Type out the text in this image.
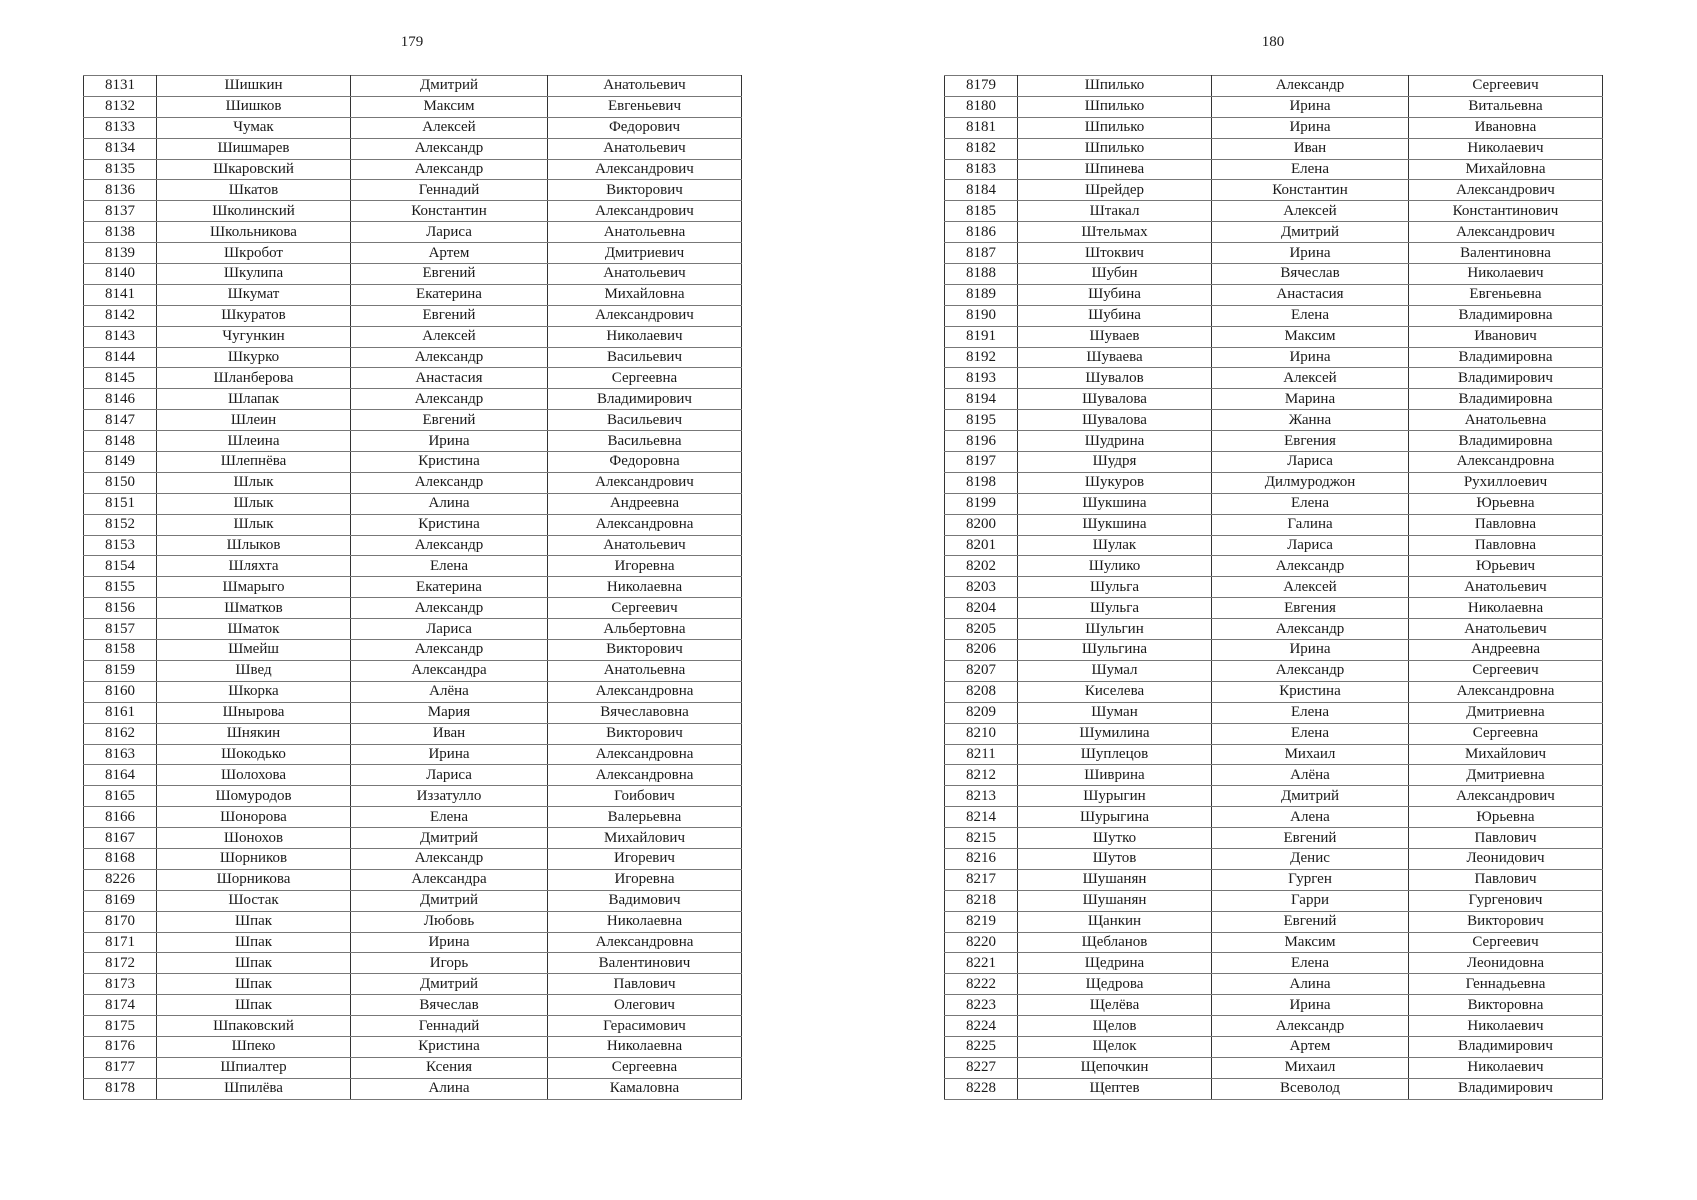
179
8131	Шишкин	Дмитрий	Анатольевич
8132	Шишков	Максим	Евгеньевич
8133	Чумак	Алексей	Федорович
8134	Шишмарев	Александр	Анатольевич
8135	Шкаровский	Александр	Александрович
8136	Шкатов	Геннадий	Викторович
8137	Школинский	Константин	Александрович
8138	Школьникова	Лариса	Анатольевна
8139	Шкробот	Артем	Дмитриевич
8140	Шкулипа	Евгений	Анатольевич
8141	Шкумат	Екатерина	Михайловна
8142	Шкуратов	Евгений	Александрович
8143	Чугункин	Алексей	Николаевич
8144	Шкурко	Александр	Васильевич
8145	Шланберова	Анастасия	Сергеевна
8146	Шлапак	Александр	Владимирович
8147	Шлеин	Евгений	Васильевич
8148	Шлеина	Ирина	Васильевна
8149	Шлепнёва	Кристина	Федоровна
8150	Шлык	Александр	Александрович
8151	Шлык	Алина	Андреевна
8152	Шлык	Кристина	Александровна
8153	Шлыков	Александр	Анатольевич
8154	Шляхта	Елена	Игоревна
8155	Шмарыго	Екатерина	Николаевна
8156	Шматков	Александр	Сергеевич
8157	Шматок	Лариса	Альбертовна
8158	Шмейш	Александр	Викторович
8159	Швед	Александра	Анатольевна
8160	Шкорка	Алёна	Александровна
8161	Шнырова	Мария	Вячеславовна
8162	Шнякин	Иван	Викторович
8163	Шокодько	Ирина	Александровна
8164	Шолохова	Лариса	Александровна
8165	Шомуродов	Иззатулло	Гоибович
8166	Шонорова	Елена	Валерьевна
8167	Шонохов	Дмитрий	Михайлович
8168	Шорников	Александр	Игоревич
8226	Шорникова	Александра	Игоревна
8169	Шостак	Дмитрий	Вадимович
8170	Шпак	Любовь	Николаевна
8171	Шпак	Ирина	Александровна
8172	Шпак	Игорь	Валентинович
8173	Шпак	Дмитрий	Павлович
8174	Шпак	Вячеслав	Олегович
8175	Шпаковский	Геннадий	Герасимович
8176	Шпеко	Кристина	Николаевна
8177	Шпиалтер	Ксения	Сергеевна
8178	Шпилёва	Алина	Камаловна
180
8179	Шпилько	Александр	Сергеевич
8180	Шпилько	Ирина	Витальевна
8181	Шпилько	Ирина	Ивановна
8182	Шпилько	Иван	Николаевич
8183	Шпинева	Елена	Михайловна
8184	Шрейдер	Константин	Александрович
8185	Штакал	Алексей	Константинович
8186	Штельмах	Дмитрий	Александрович
8187	Штоквич	Ирина	Валентиновна
8188	Шубин	Вячеслав	Николаевич
8189	Шубина	Анастасия	Евгеньевна
8190	Шубина	Елена	Владимировна
8191	Шуваев	Максим	Иванович
8192	Шуваева	Ирина	Владимировна
8193	Шувалов	Алексей	Владимирович
8194	Шувалова	Марина	Владимировна
8195	Шувалова	Жанна	Анатольевна
8196	Шудрина	Евгения	Владимировна
8197	Шудря	Лариса	Александровна
8198	Шукуров	Дилмуроджон	Рухиллоевич
8199	Шукшина	Елена	Юрьевна
8200	Шукшина	Галина	Павловна
8201	Шулак	Лариса	Павловна
8202	Шулико	Александр	Юрьевич
8203	Шульга	Алексей	Анатольевич
8204	Шульга	Евгения	Николаевна
8205	Шульгин	Александр	Анатольевич
8206	Шульгина	Ирина	Андреевна
8207	Шумал	Александр	Сергеевич
8208	Киселева	Кристина	Александровна
8209	Шуман	Елена	Дмитриевна
8210	Шумилина	Елена	Сергеевна
8211	Шуплецов	Михаил	Михайлович
8212	Шиврина	Алёна	Дмитриевна
8213	Шурыгин	Дмитрий	Александрович
8214	Шурыгина	Алена	Юрьевна
8215	Шутко	Евгений	Павлович
8216	Шутов	Денис	Леонидович
8217	Шушанян	Гурген	Павлович
8218	Шушанян	Гарри	Гургенович
8219	Щанкин	Евгений	Викторович
8220	Щебланов	Максим	Сергеевич
8221	Щедрина	Елена	Леонидовна
8222	Щедрова	Алина	Геннадьевна
8223	Щелёва	Ирина	Викторовна
8224	Щелов	Александр	Николаевич
8225	Щелок	Артем	Владимирович
8227	Щепочкин	Михаил	Николаевич
8228	Щептев	Всеволод	Владимирович
